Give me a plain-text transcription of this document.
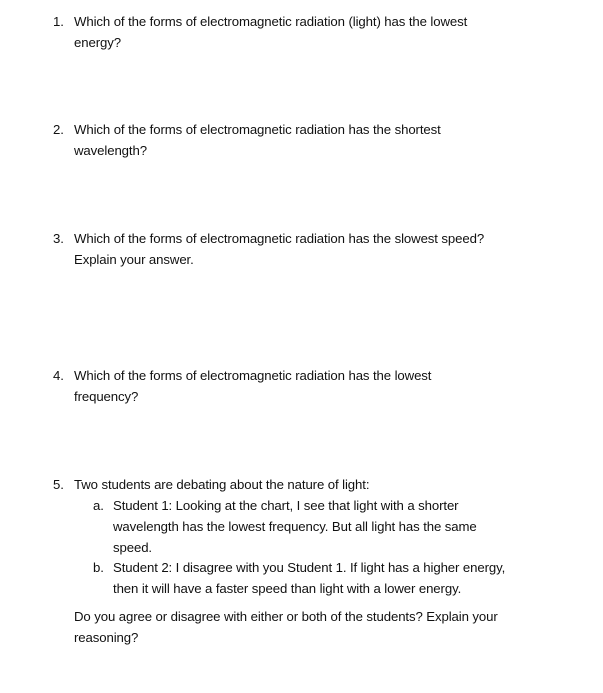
1. Which of the forms of electromagnetic radiation (light) has the lowest
energy?
2. Which of the forms of electromagnetic radiation has the shortest
wavelength?
3. Which of the forms of electromagnetic radiation has the slowest speed?
Explain your answer.
4. Which of the forms of electromagnetic radiation has the lowest
frequency?
5. Two students are debating about the nature of light:
a. Student 1: Looking at the chart, I see that light with a shorter
wavelength has the lowest frequency. But all light has the same
speed.
b. Student 2: I disagree with you Student 1. If light has a higher energy,
then it will have a faster speed than light with a lower energy.
Do you agree or disagree with either or both of the students? Explain your
reasoning?
